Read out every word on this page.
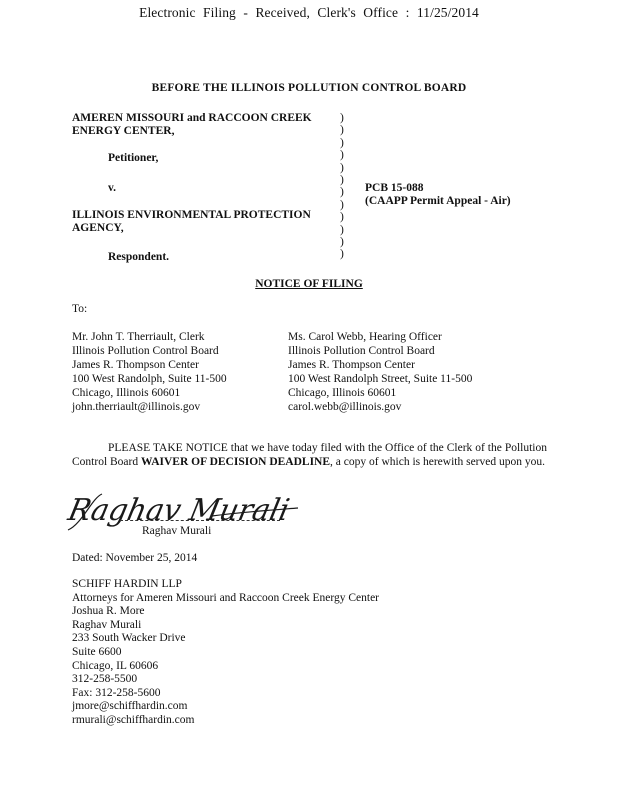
Electronic Filing - Received, Clerk's Office : 11/25/2014
BEFORE THE ILLINOIS POLLUTION CONTROL BOARD
AMEREN MISSOURI and RACCOON CREEK
ENERGY CENTER,
Petitioner,
v.
ILLINOIS ENVIRONMENTAL PROTECTION
AGENCY,
Respondent.
)
)
)
)
)
)
)
)
)
)
)
)
PCB 15-088
(CAAPP Permit Appeal - Air)
NOTICE OF FILING
To:
Mr. John T. Therriault, Clerk
Illinois Pollution Control Board
James R. Thompson Center
100 West Randolph, Suite 11-500
Chicago, Illinois 60601
john.therriault@illinois.gov
Ms. Carol Webb, Hearing Officer
Illinois Pollution Control Board
James R. Thompson Center
100 West Randolph Street, Suite 11-500
Chicago, Illinois 60601
carol.webb@illinois.gov
PLEASE TAKE NOTICE that we have today filed with the Office of the Clerk of the Pollution Control Board WAIVER OF DECISION DEADLINE, a copy of which is herewith served upon you.
Raghav Murali
Raghav Murali
Dated: November 25, 2014
SCHIFF HARDIN LLP
Attorneys for Ameren Missouri and Raccoon Creek Energy Center
Joshua R. More
Raghav Murali
233 South Wacker Drive
Suite 6600
Chicago, IL 60606
312-258-5500
Fax: 312-258-5600
jmore@schiffhardin.com
rmurali@schiffhardin.com
